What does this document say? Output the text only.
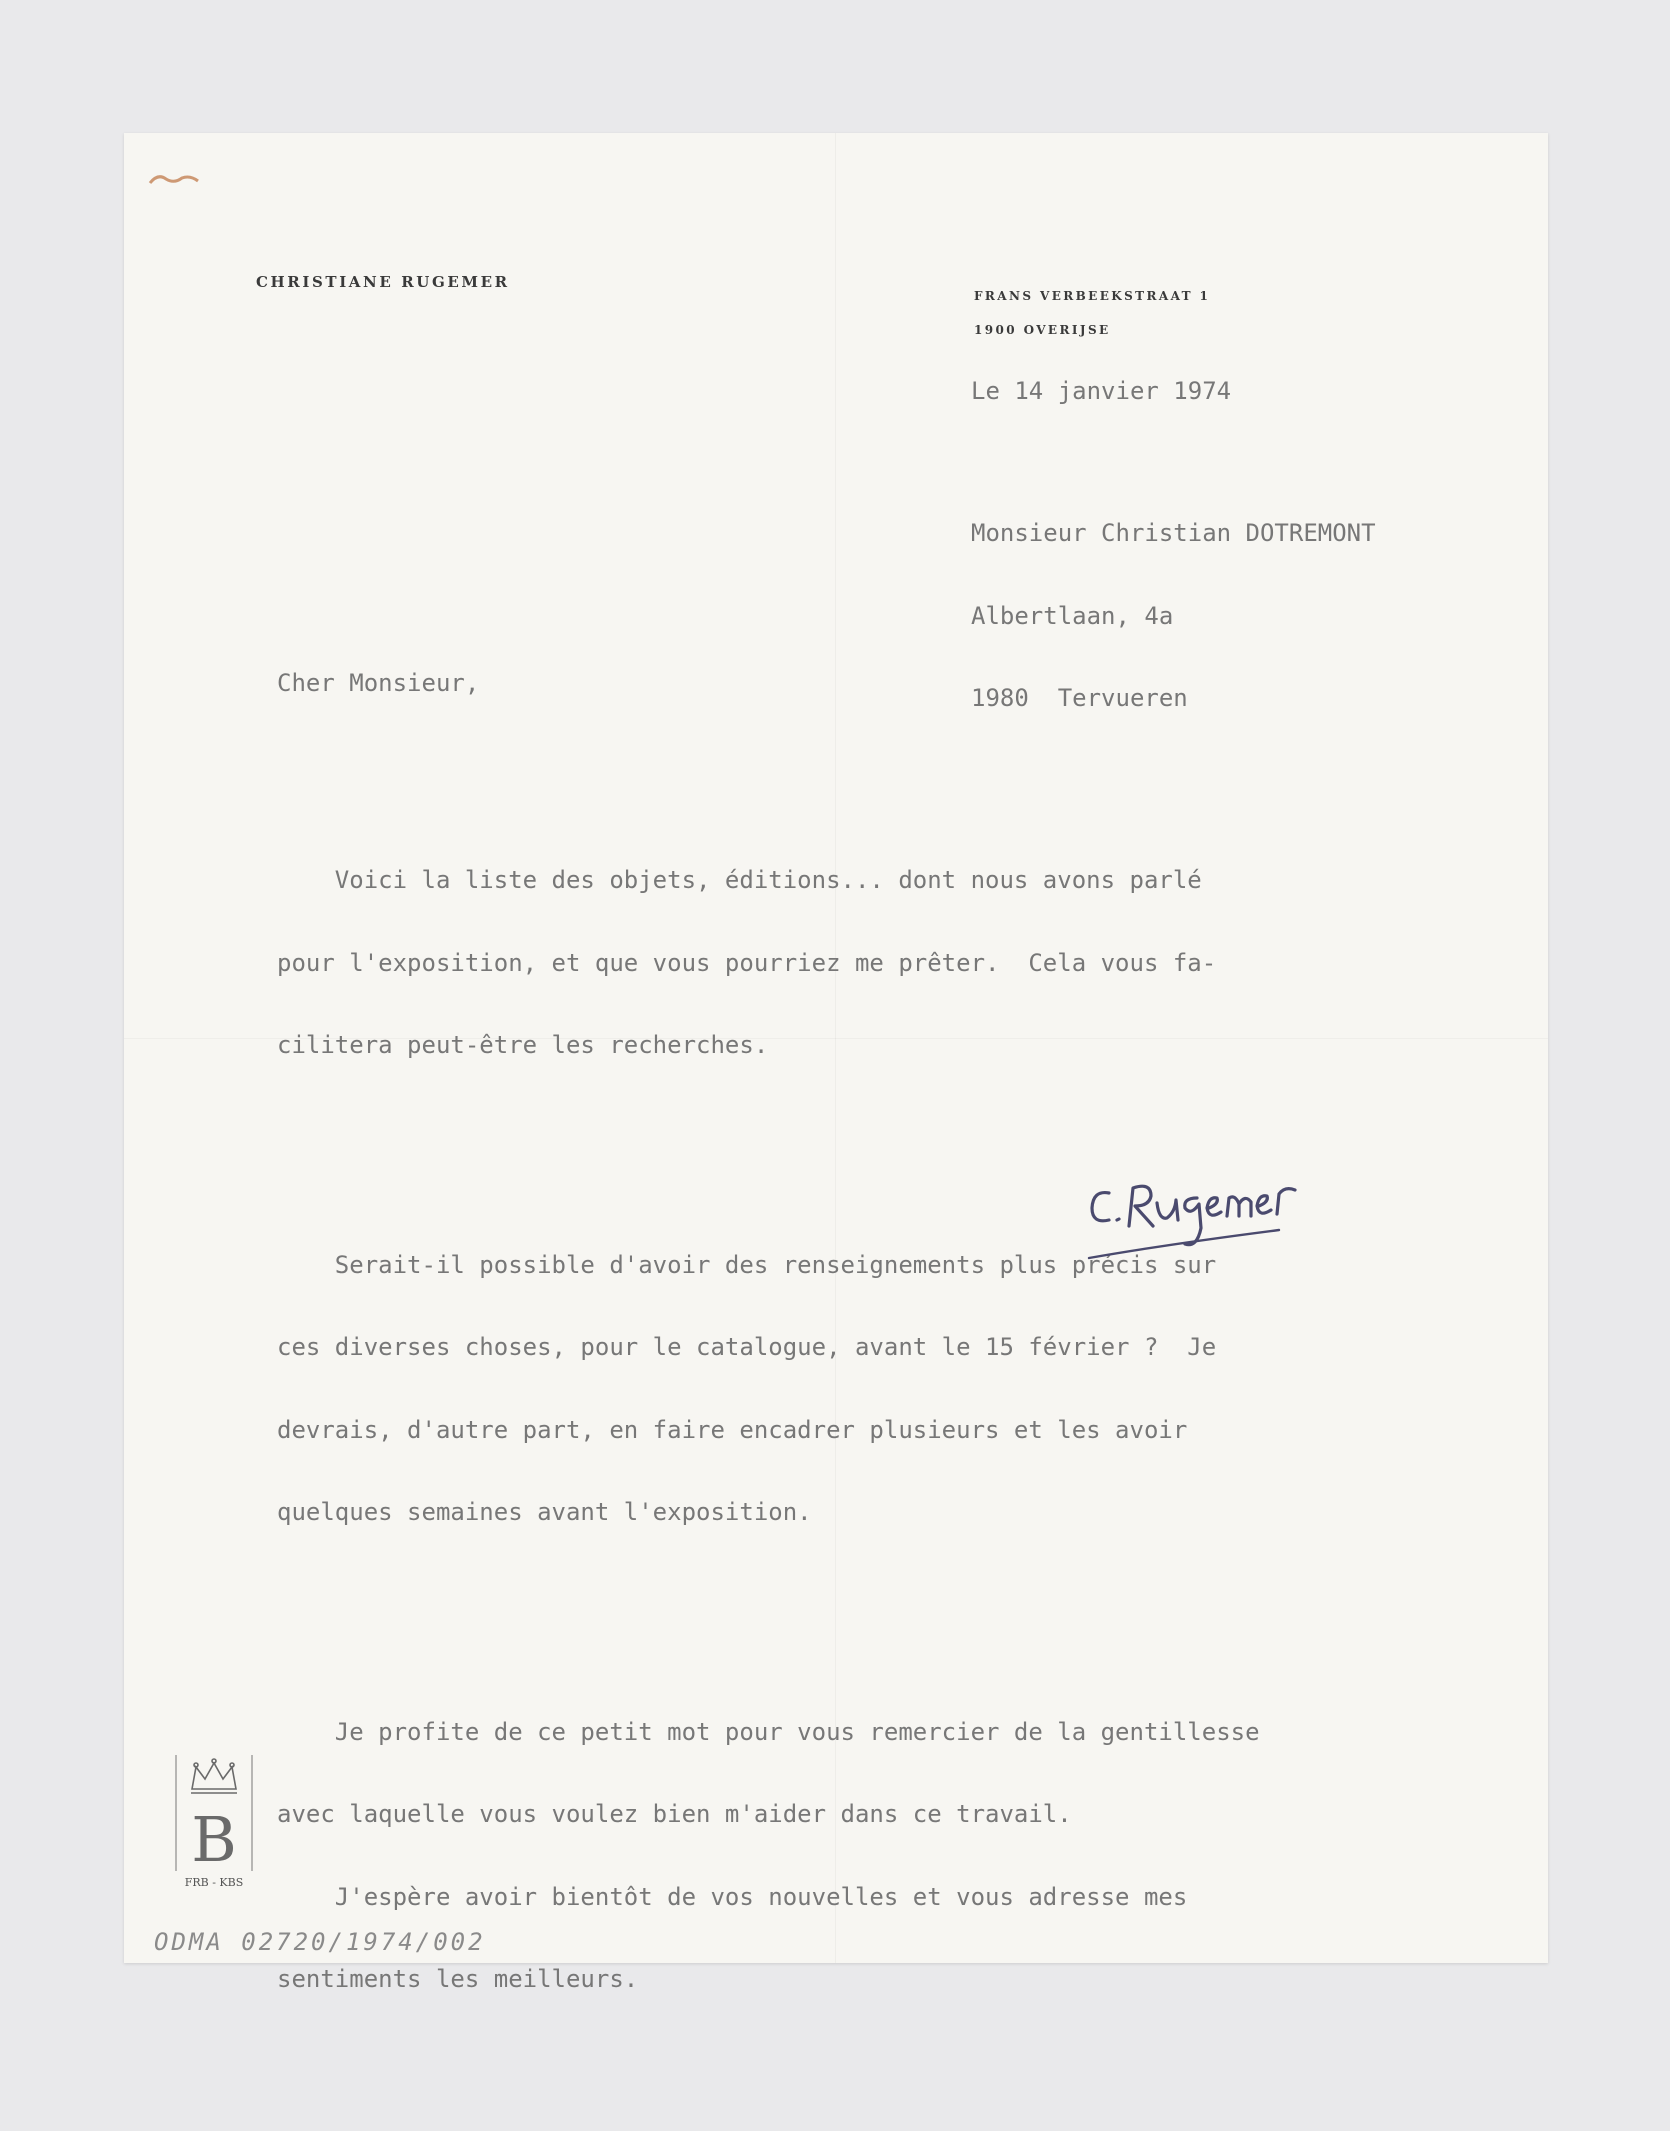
CHRISTIANE RUGEMER
FRANS VERBEEKSTRAAT 1
1900 OVERIJSE
Le 14 janvier 1974

Monsieur Christian DOTREMONT

Albertlaan, 4a

1980  Tervueren

Cher Monsieur,

Voici la liste des objets, éditions... dont nous avons parlé

pour l'exposition, et que vous pourriez me prêter.  Cela vous fa-

cilitera peut-être les recherches.

Serait-il possible d'avoir des renseignements plus précis sur

ces diverses choses, pour le catalogue, avant le 15 février ?  Je

devrais, d'autre part, en faire encadrer plusieurs et les avoir

quelques semaines avant l'exposition.

Je profite de ce petit mot pour vous remercier de la gentillesse

avec laquelle vous voulez bien m'aider dans ce travail.

J'espère avoir bientôt de vos nouvelles et vous adresse mes

sentiments les meilleurs.

B
FRB - KBS
ODMA 02720/1974/002
